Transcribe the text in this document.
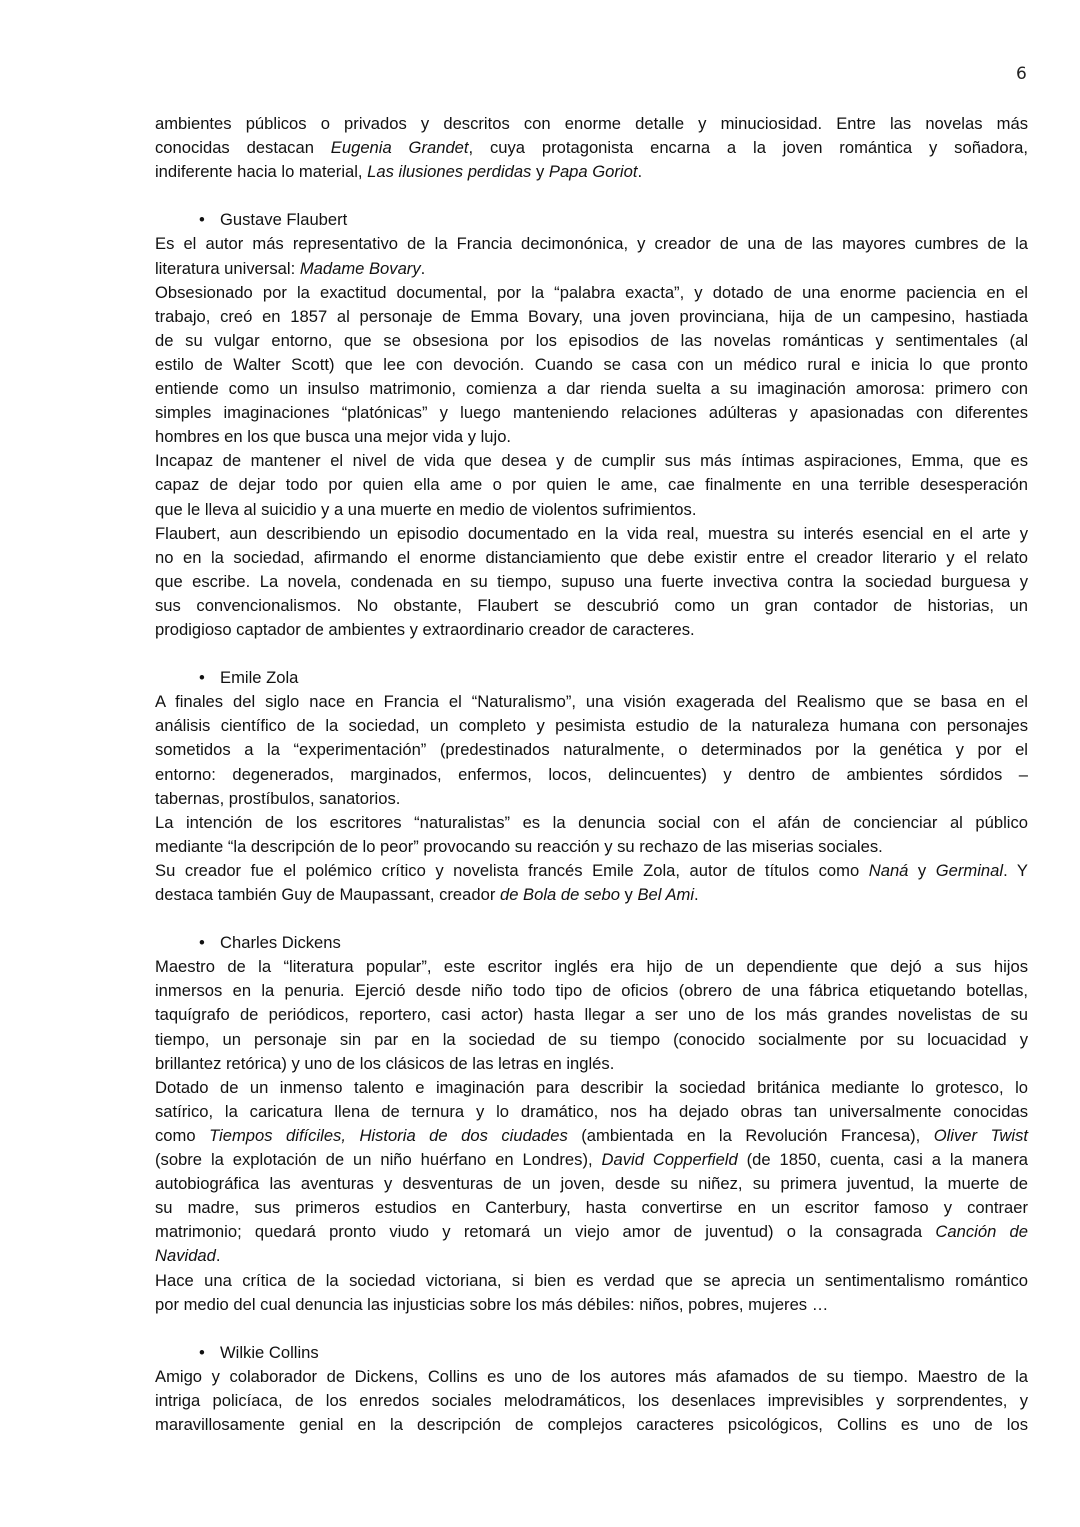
6
ambientes públicos o privados y descritos con enorme detalle y minuciosidad. Entre las novelas más
conocidas destacan Eugenia Grandet, cuya protagonista encarna a la joven romántica y soñadora,
indiferente hacia lo material, Las ilusiones perdidas y Papa Goriot.
• Gustave Flaubert
Es el autor más representativo de la Francia decimonónica, y creador de una de las mayores cumbres de la
literatura universal: Madame Bovary.
Obsesionado por la exactitud documental, por la “palabra exacta”, y dotado de una enorme paciencia en el
trabajo, creó en 1857 al personaje de Emma Bovary, una joven provinciana, hija de un campesino, hastiada
de su vulgar entorno, que se obsesiona por los episodios de las novelas románticas y sentimentales (al
estilo de Walter Scott) que lee con devoción. Cuando se casa con un médico rural e inicia lo que pronto
entiende como un insulso matrimonio, comienza a dar rienda suelta a su imaginación amorosa: primero con
simples imaginaciones “platónicas” y luego manteniendo relaciones adúlteras y apasionadas con diferentes
hombres en los que busca una mejor vida y lujo.
Incapaz de mantener el nivel de vida que desea y de cumplir sus más íntimas aspiraciones, Emma, que es
capaz de dejar todo por quien ella ame o por quien le ame, cae finalmente en una terrible desesperación
que le lleva al suicidio y a una muerte en medio de violentos sufrimientos.
Flaubert, aun describiendo un episodio documentado en la vida real, muestra su interés esencial en el arte y
no en la sociedad, afirmando el enorme distanciamiento que debe existir entre el creador literario y el relato
que escribe. La novela, condenada en su tiempo, supuso una fuerte invectiva contra la sociedad burguesa y
sus convencionalismos. No obstante, Flaubert se descubrió como un gran contador de historias, un
prodigioso captador de ambientes y extraordinario creador de caracteres.
• Emile Zola
A finales del siglo nace en Francia el “Naturalismo”, una visión exagerada del Realismo que se basa en el
análisis científico de la sociedad, un completo y pesimista estudio de la naturaleza humana con personajes
sometidos a la “experimentación” (predestinados naturalmente, o determinados por la genética y por el
entorno: degenerados, marginados, enfermos, locos, delincuentes) y dentro de ambientes sórdidos –
tabernas, prostíbulos, sanatorios.
La intención de los escritores “naturalistas” es la denuncia social con el afán de concienciar al público
mediante “la descripción de lo peor” provocando su reacción y su rechazo de las miserias sociales.
Su creador fue el polémico crítico y novelista francés Emile Zola, autor de títulos como Naná y Germinal. Y
destaca también Guy de Maupassant, creador de Bola de sebo y Bel Ami.
• Charles Dickens
Maestro de la “literatura popular”, este escritor inglés era hijo de un dependiente que dejó a sus hijos
inmersos en la penuria. Ejerció desde niño todo tipo de oficios (obrero de una fábrica etiquetando botellas,
taquígrafo de periódicos, reportero, casi actor) hasta llegar a ser uno de los más grandes novelistas de su
tiempo, un personaje sin par en la sociedad de su tiempo (conocido socialmente por su locuacidad y
brillantez retórica) y uno de los clásicos de las letras en inglés.
Dotado de un inmenso talento e imaginación para describir la sociedad británica mediante lo grotesco, lo
satírico, la caricatura llena de ternura y lo dramático, nos ha dejado obras tan universalmente conocidas
como Tiempos difíciles, Historia de dos ciudades (ambientada en la Revolución Francesa), Oliver Twist
(sobre la explotación de un niño huérfano en Londres), David Copperfield (de 1850, cuenta, casi a la manera
autobiográfica las aventuras y desventuras de un joven, desde su niñez, su primera juventud, la muerte de
su madre, sus primeros estudios en Canterbury, hasta convertirse en un escritor famoso y contraer
matrimonio; quedará pronto viudo y retomará un viejo amor de juventud) o la consagrada Canción de
Navidad.
Hace una crítica de la sociedad victoriana, si bien es verdad que se aprecia un sentimentalismo romántico
por medio del cual denuncia las injusticias sobre los más débiles: niños, pobres, mujeres …
• Wilkie Collins
Amigo y colaborador de Dickens, Collins es uno de los autores más afamados de su tiempo. Maestro de la
intriga policíaca, de los enredos sociales melodramáticos, los desenlaces imprevisibles y sorprendentes, y
maravillosamente genial en la descripción de complejos caracteres psicológicos, Collins es uno de los
